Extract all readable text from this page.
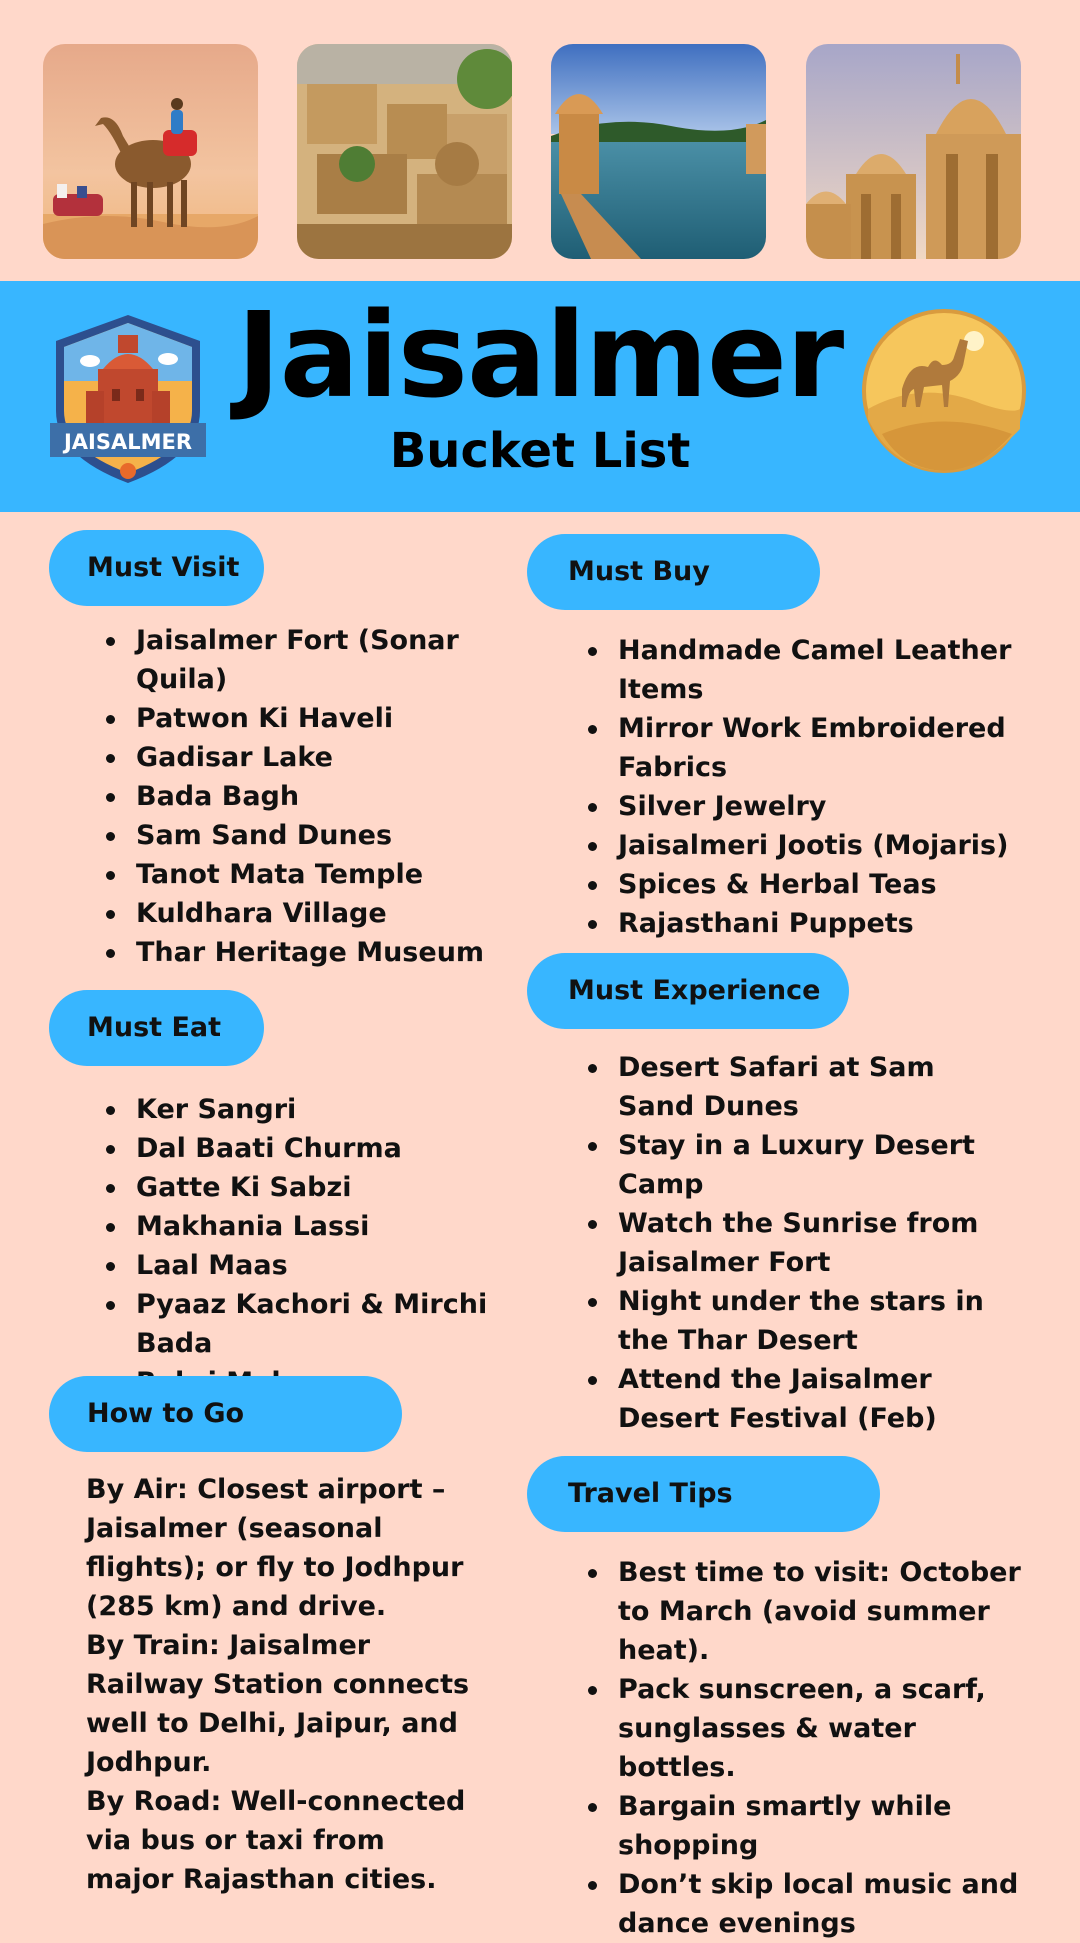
JAISALMER
Jaisalmer
Bucket List
Must Visit
Jaisalmer Fort (Sonar Quila)
Patwon Ki Haveli
Gadisar Lake
Bada Bagh
Sam Sand Dunes
Tanot Mata Temple
Kuldhara Village
Thar Heritage Museum
Must Eat
Ker Sangri
Dal Baati Churma
Gatte Ki Sabzi
Makhania Lassi
Laal Maas
Pyaaz Kachori & Mirchi Bada
How to Go
By Air: Closest airport – Jaisalmer (seasonal flights); or fly to Jodhpur (285 km) and drive.
By Train: Jaisalmer Railway Station connects well to Delhi, Jaipur, and Jodhpur.
By Road: Well-connected via bus or taxi from major Rajasthan cities.
Must Buy
Handmade Camel Leather Items
Mirror Work Embroidered Fabrics
Silver Jewelry
Jaisalmeri Jootis (Mojaris)
Spices & Herbal Teas
Rajasthani Puppets
Must Experience
Desert Safari at Sam Sand Dunes
Stay in a Luxury Desert Camp
Watch the Sunrise from Jaisalmer Fort
Night under the stars in the Thar Desert
Attend the Jaisalmer Desert Festival (Feb)
Travel Tips
Best time to visit: October to March (avoid summer heat).
Pack sunscreen, a scarf, sunglasses & water bottles.
Bargain smartly while shopping
Don’t skip local music and dance evenings
